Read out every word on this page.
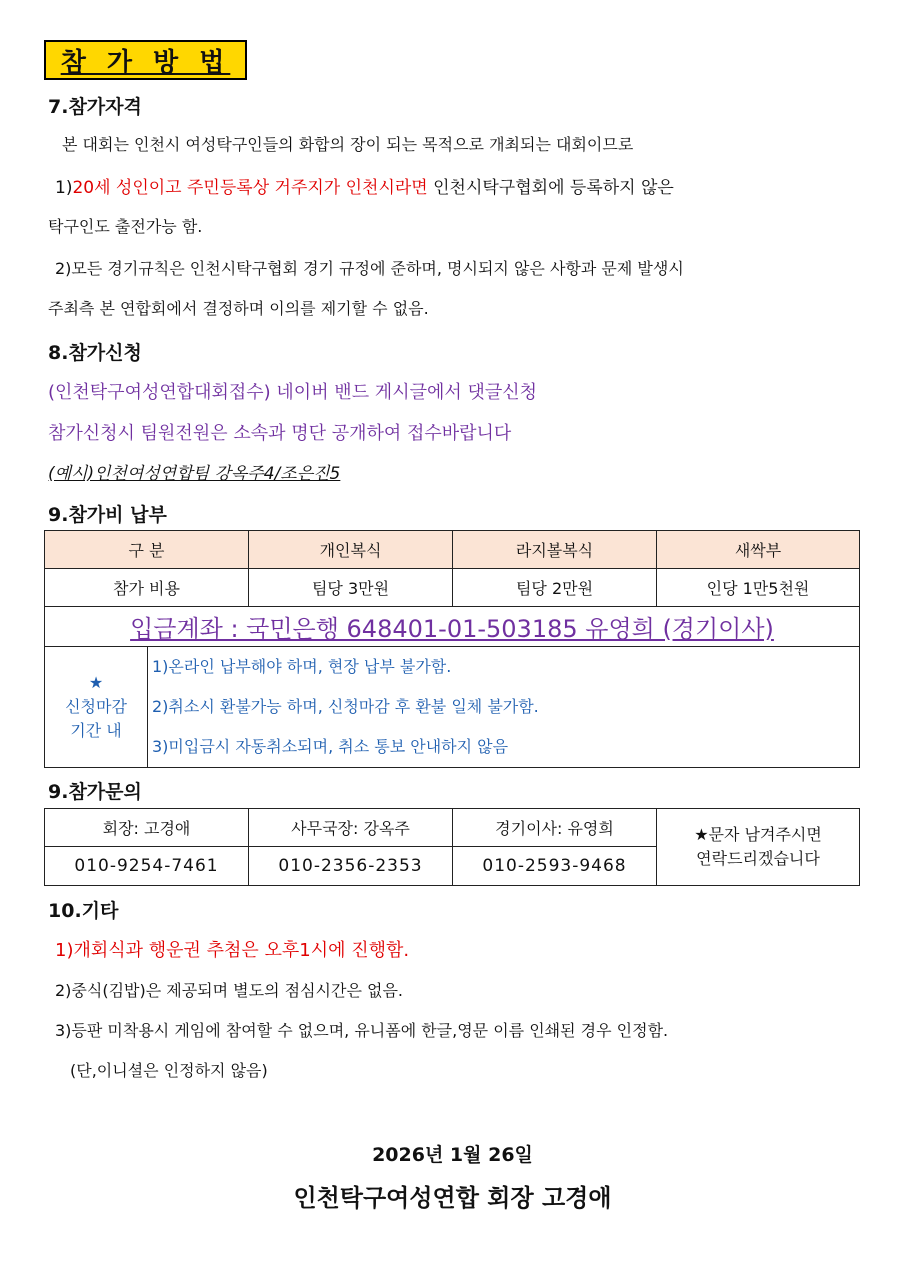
참 가 방 법
7.참가자격
본 대회는 인천시 여성탁구인들의 화합의 장이 되는 목적으로 개최되는 대회이므로
1)20세 성인이고 주민등록상 거주지가 인천시라면 인천시탁구협회에 등록하지 않은
탁구인도 출전가능 함.
2)모든 경기규칙은 인천시탁구협회 경기 규정에 준하며, 명시되지 않은 사항과 문제 발생시
주최측 본 연합회에서 결정하며 이의를 제기할 수 없음.
8.참가신청
(인천탁구여성연합대회접수) 네이버 밴드 게시글에서 댓글신청
참가신청시 팀원전원은 소속과 명단 공개하여 접수바랍니다
(예시)인천여성연합팀 강옥주4/조은진5
9.참가비 납부
구 분	개인복식	라지볼복식	새싹부
참가 비용	팀당 3만원	팀당 2만원	인당 1만5천원
입금계좌 : 국민은행 648401-01-503185 유영희 (경기이사)			
★
신청마감
기간 내

1)온라인 납부해야 하며, 현장 납부 불가함.
2)취소시 환불가능 하며, 신청마감 후 환불 일체 불가함.
3)미입금시 자동취소되며, 취소 통보 안내하지 않음
9.참가문의
회장: 고경애	사무국장: 강옥주	경기이사: 유영희	★문자 남겨주시면
연락드리겠습니다

010-9254-7461	010-2356-2353	010-2593-9468	
10.기타
1)개회식과 행운권 추첨은 오후1시에 진행함.
2)중식(김밥)은 제공되며 별도의 점심시간은 없음.
3)등판 미착용시 게임에 참여할 수 없으며, 유니폼에 한글,영문 이름 인쇄된 경우 인정함.
(단,이니셜은 인정하지 않음)
2026년 1월 26일
인천탁구여성연합 회장 고경애
